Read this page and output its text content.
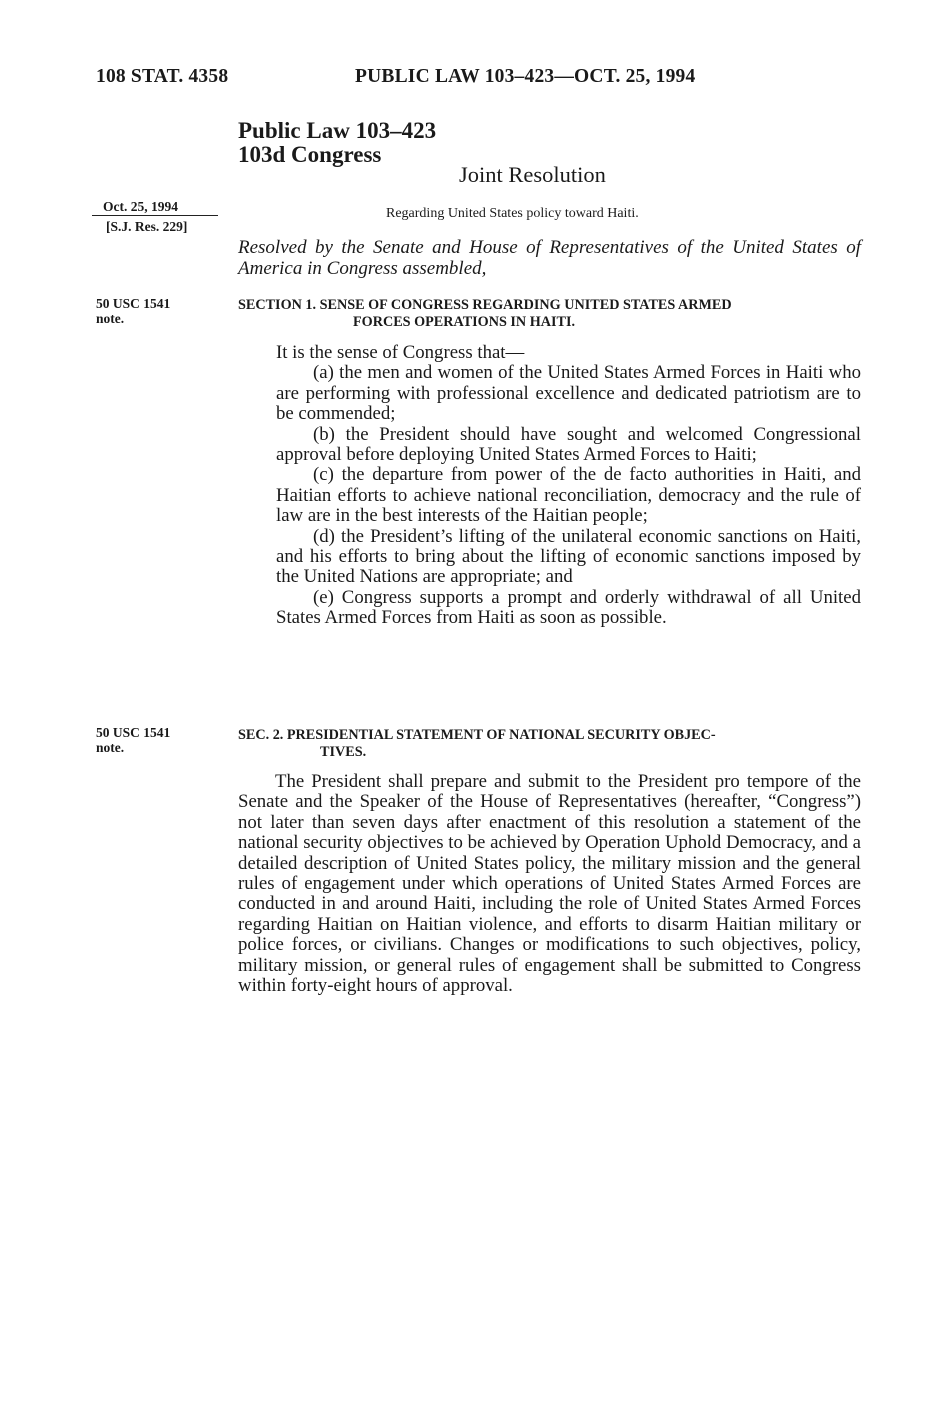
108 STAT. 4358	PUBLIC LAW 103–423—OCT. 25, 1994
Public Law 103–423
103d Congress
Joint Resolution
Oct. 25, 1994
[S.J. Res. 229]
Regarding United States policy toward Haiti.
Resolved by the Senate and House of Representatives of the United States of America in Congress assembled,
50 USC 1541
note.
SECTION 1. SENSE OF CONGRESS REGARDING UNITED STATES ARMED
FORCES OPERATIONS IN HAITI.

It is the sense of Congress that—

(a) the men and women of the United States Armed Forces in Haiti who are performing with professional excellence and dedicated patriotism are to be commended;

(b) the President should have sought and welcomed Congressional approval before deploying United States Armed Forces to Haiti;

(c) the departure from power of the de facto authorities in Haiti, and Haitian efforts to achieve national reconciliation, democracy and the rule of law are in the best interests of the Haitian people;

(d) the President’s lifting of the unilateral economic sanctions on Haiti, and his efforts to bring about the lifting of economic sanctions imposed by the United Nations are appropriate; and

(e) Congress supports a prompt and orderly withdrawal of all United States Armed Forces from Haiti as soon as possible.

50 USC 1541
note.
SEC. 2. PRESIDENTIAL STATEMENT OF NATIONAL SECURITY OBJEC-
TIVES.

The President shall prepare and submit to the President pro tempore of the Senate and the Speaker of the House of Representatives (hereafter, “Congress”) not later than seven days after enactment of this resolution a statement of the national security objectives to be achieved by Operation Uphold Democracy, and a detailed description of United States policy, the military mission and the general rules of engagement under which operations of United States Armed Forces are conducted in and around Haiti, including the role of United States Armed Forces regarding Haitian on Haitian violence, and efforts to disarm Haitian military or police forces, or civilians. Changes or modifications to such objectives, policy, military mission, or general rules of engagement shall be submitted to Congress within forty-eight hours of approval.
